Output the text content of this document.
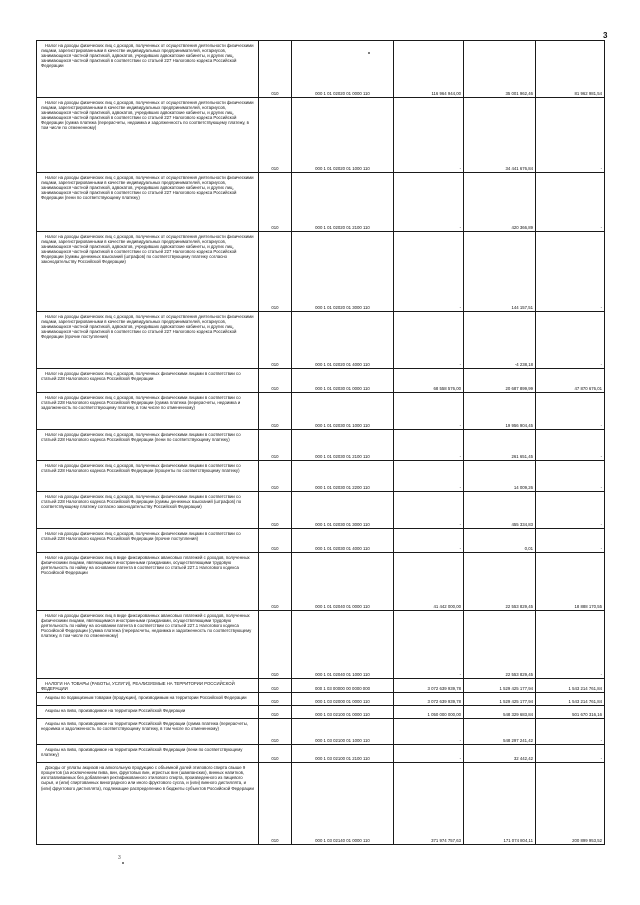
3
Налог на доходы физических лиц с доходов, полученных от осуществления деятельности физическими лицами, зарегистрированными в качестве индивидуальных предпринимателей, нотариусов, занимающихся частной практикой, адвокатов, учредивших адвокатские кабинеты, и других лиц, занимающихся частной практикой в соответствии со статьей 227 Налогового кодекса Российской Федерации	010	000 1 01 02020 01 0000 110	116 964 944,00	35 001 962,46	81 962 981,54
Налог на доходы физических лиц с доходов, полученных от осуществления деятельности физическими лицами, зарегистрированными в качестве индивидуальных предпринимателей, нотариусов, занимающихся частной практикой, адвокатов, учредивших адвокатские кабинеты, и других лиц, занимающихся частной практикой в соответствии со статьей 227 Налогового кодекса Российской Федерации (сумма платежа (перерасчеты, недоимка и задолженность по соответствующему платежу, в том числе по отмененному)	010	000 1 01 02020 01 1000 110	-	34 441 676,84	-
Налог на доходы физических лиц с доходов, полученных от осуществления деятельности физическими лицами, зарегистрированными в качестве индивидуальных предпринимателей, нотариусов, занимающихся частной практикой, адвокатов, учредивших адвокатские кабинеты, и других лиц, занимающихся частной практикой в соответствии со статьей 227 Налогового кодекса Российской Федерации (пени по соответствующему платежу)	010	000 1 01 02020 01 2100 110	-	420 366,89	-
Налог на доходы физических лиц с доходов, полученных от осуществления деятельности физическими лицами, зарегистрированными в качестве индивидуальных предпринимателей, нотариусов, занимающихся частной практикой, адвокатов, учредивших адвокатские кабинеты, и других лиц, занимающихся частной практикой в соответствии со статьей 227 Налогового кодекса Российской Федерации (суммы денежных взысканий (штрафов) по соответствующему платежу согласно законодательству Российской Федерации)	010	000 1 01 02020 01 3000 110	-	144 157,51	-
Налог на доходы физических лиц с доходов, полученных от осуществления деятельности физическими лицами, зарегистрированными в качестве индивидуальных предпринимателей, нотариусов, занимающихся частной практикой, адвокатов, учредивших адвокатские кабинеты, и других лиц, занимающихся частной практикой в соответствии со статьей 227 Налогового кодекса Российской Федерации (прочие поступления)	010	000 1 01 02020 01 4000 110	-	-4 238,18	-
Налог на доходы физических лиц с доходов, полученных физическими лицами в соответствии со статьей 228 Налогового кодекса Российской Федерации	010	000 1 01 02030 01 0000 110	68 558 576,00	20 687 899,99	47 870 676,01
Налог на доходы физических лиц с доходов, полученных физическими лицами в соответствии со статьей 228 Налогового кодекса Российской Федерации (сумма платежа (перерасчеты, недоимка и задолженность по соответствующему платежу, в том числе по отмененному)	010	000 1 01 02030 01 1000 110	-	19 956 904,45	-
Налог на доходы физических лиц с доходов, полученных физическими лицами в соответствии со статьей 228 Налогового кодекса Российской Федерации (пени по соответствующему платежу)	010	000 1 01 02030 01 2100 110	-	261 651,45	-
Налог на доходы физических лиц с доходов, полученных физическими лицами в соответствии со статьей 228 Налогового кодекса Российской Федерации (проценты по соответствующему платежу)	010	000 1 01 02030 01 2200 110	-	14 009,26	-
Налог на доходы физических лиц с доходов, полученных физическими лицами в соответствии со статьей 228 Налогового кодекса Российской Федерации (суммы денежных взысканий (штрафов) по соответствующему платежу согласно законодательству Российской Федерации)	010	000 1 01 02030 01 3000 110	-	455 334,83	-
Налог на доходы физических лиц с доходов, полученных физическими лицами в соответствии со статьей 228 Налогового кодекса Российской Федерации (прочие поступления)	010	000 1 01 02030 01 4000 110	-	0,01	-
Налог на доходы физических лиц в виде фиксированных авансовых платежей с доходов, полученных физическими лицами, являющимися иностранными гражданами, осуществляющими трудовую деятельность по найму на основании патента в соответствии со статьей 227.1 Налогового кодекса Российской Федерации	010	000 1 01 02040 01 0000 110	41 442 000,00	22 553 829,45	18 888 170,55
Налог на доходы физических лиц в виде фиксированных авансовых платежей с доходов, полученных физическими лицами, являющимися иностранными гражданами, осуществляющими трудовую деятельность по найму на основании патента в соответствии со статьей 227.1 Налогового кодекса Российской Федерации (сумма платежа (перерасчеты, недоимка и задолженность по соответствующему платежу, в том числе по отмененному)	010	000 1 01 02040 01 1000 110	-	22 553 829,45	-
НАЛОГИ НА ТОВАРЫ (РАБОТЫ, УСЛУГИ), РЕАЛИЗУЕМЫЕ НА ТЕРРИТОРИИ РОССИЙСКОЙ ФЕДЕРАЦИИ	010	000 1 03 00000 00 0000 000	3 072 639 939,78	1 529 425 177,94	1 543 214 761,84
Акцизы по подакцизным товарам (продукции), производимым на территории Российской Федерации	010	000 1 03 02000 01 0000 110	3 072 639 939,78	1 529 425 177,94	1 543 214 761,84
Акцизы на пиво, производимое на территории Российской Федерации	010	000 1 03 02100 01 0000 110	1 050 000 000,00	548 329 683,84	501 670 316,16
Акцизы на пиво, производимое на территории Российской Федерации (сумма платежа (перерасчеты, недоимка и задолженность по соответствующему платежу, в том числе по отмененному)	010	000 1 03 02100 01 1000 110	-	548 297 241,42	-
Акцизы на пиво, производимое на территории Российской Федерации (пени по соответствующему платежу)	010	000 1 03 02100 01 2100 110	-	32 442,42	-
Доходы от уплаты акцизов на алкогольную продукцию с объемной долей этилового спирта свыше 9 процентов (за исключением пива, вин, фруктовых вин, игристых вин (шампанских), винных напитков, изготавливаемых без добавления ректификованного этилового спирта, произведенного из пищевого сырья, и (или) спиртованных виноградного или иного фруктового сусла, и (или) винного дистиллята, и (или) фруктового дистиллята), подлежащие распределению в бюджеты субъектов Российской Федерации	010	000 1 03 02140 01 0000 110	371 974 757,63	171 074 804,11	200 899 953,52
3
